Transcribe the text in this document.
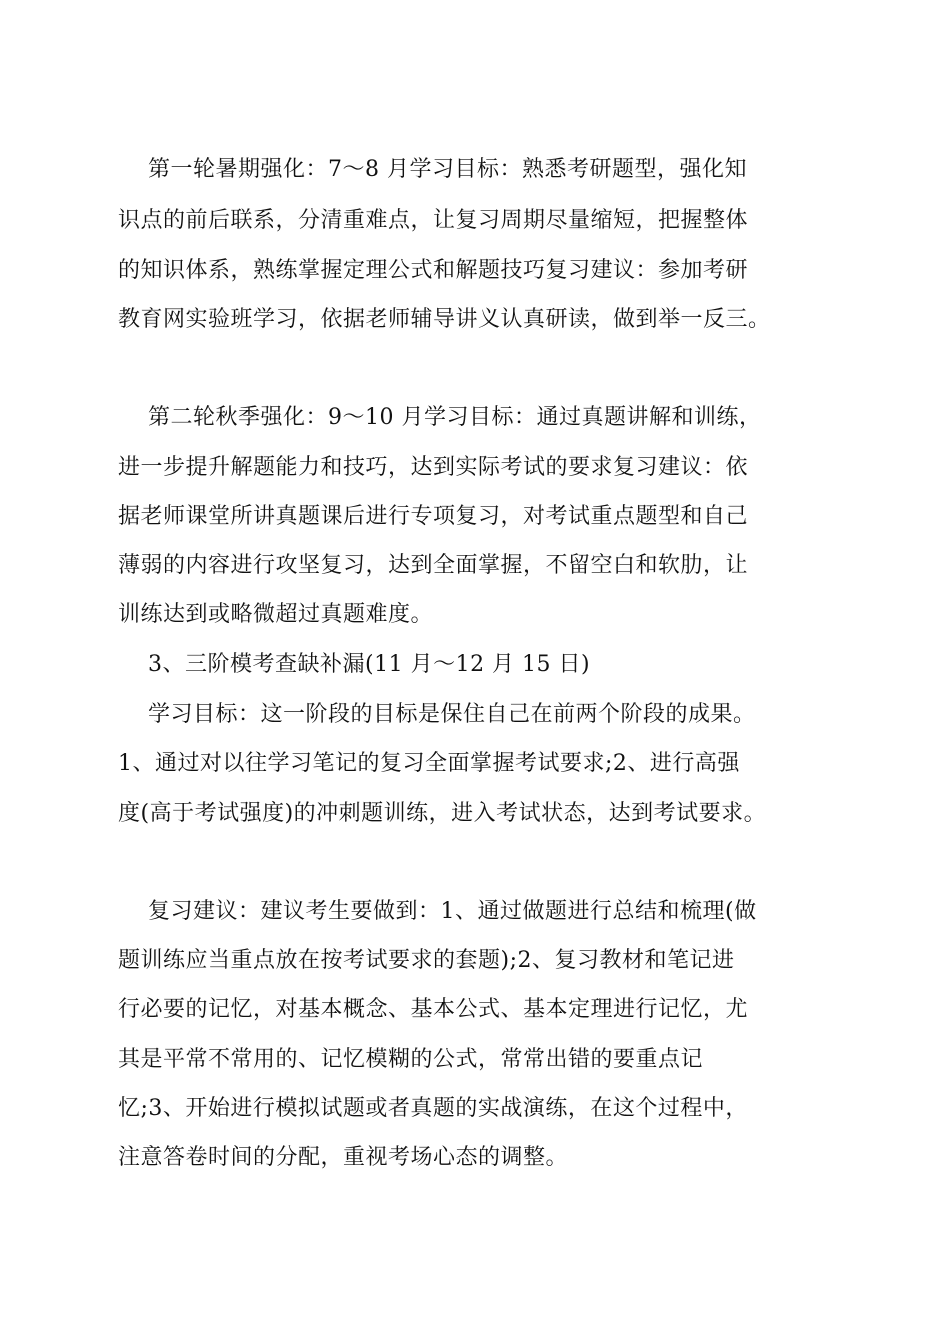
第一轮暑期强化：7～8 月学习目标：熟悉考研题型，强化知
识点的前后联系，分清重难点，让复习周期尽量缩短，把握整体
的知识体系，熟练掌握定理公式和解题技巧复习建议：参加考研
教育网实验班学习，依据老师辅导讲义认真研读，做到举一反三。
第二轮秋季强化：9～10 月学习目标：通过真题讲解和训练，
进一步提升解题能力和技巧，达到实际考试的要求复习建议：依
据老师课堂所讲真题课后进行专项复习，对考试重点题型和自己
薄弱的内容进行攻坚复习，达到全面掌握，不留空白和软肋，让
训练达到或略微超过真题难度。
3、三阶模考查缺补漏(11 月～12 月 15 日)
学习目标：这一阶段的目标是保住自己在前两个阶段的成果。
1、通过对以往学习笔记的复习全面掌握考试要求;2、进行高强
度(高于考试强度)的冲刺题训练，进入考试状态，达到考试要求。
复习建议：建议考生要做到：1、通过做题进行总结和梳理(做
题训练应当重点放在按考试要求的套题);2、复习教材和笔记进
行必要的记忆，对基本概念、基本公式、基本定理进行记忆，尤
其是平常不常用的、记忆模糊的公式，常常出错的要重点记
忆;3、开始进行模拟试题或者真题的实战演练，在这个过程中，
注意答卷时间的分配，重视考场心态的调整。
